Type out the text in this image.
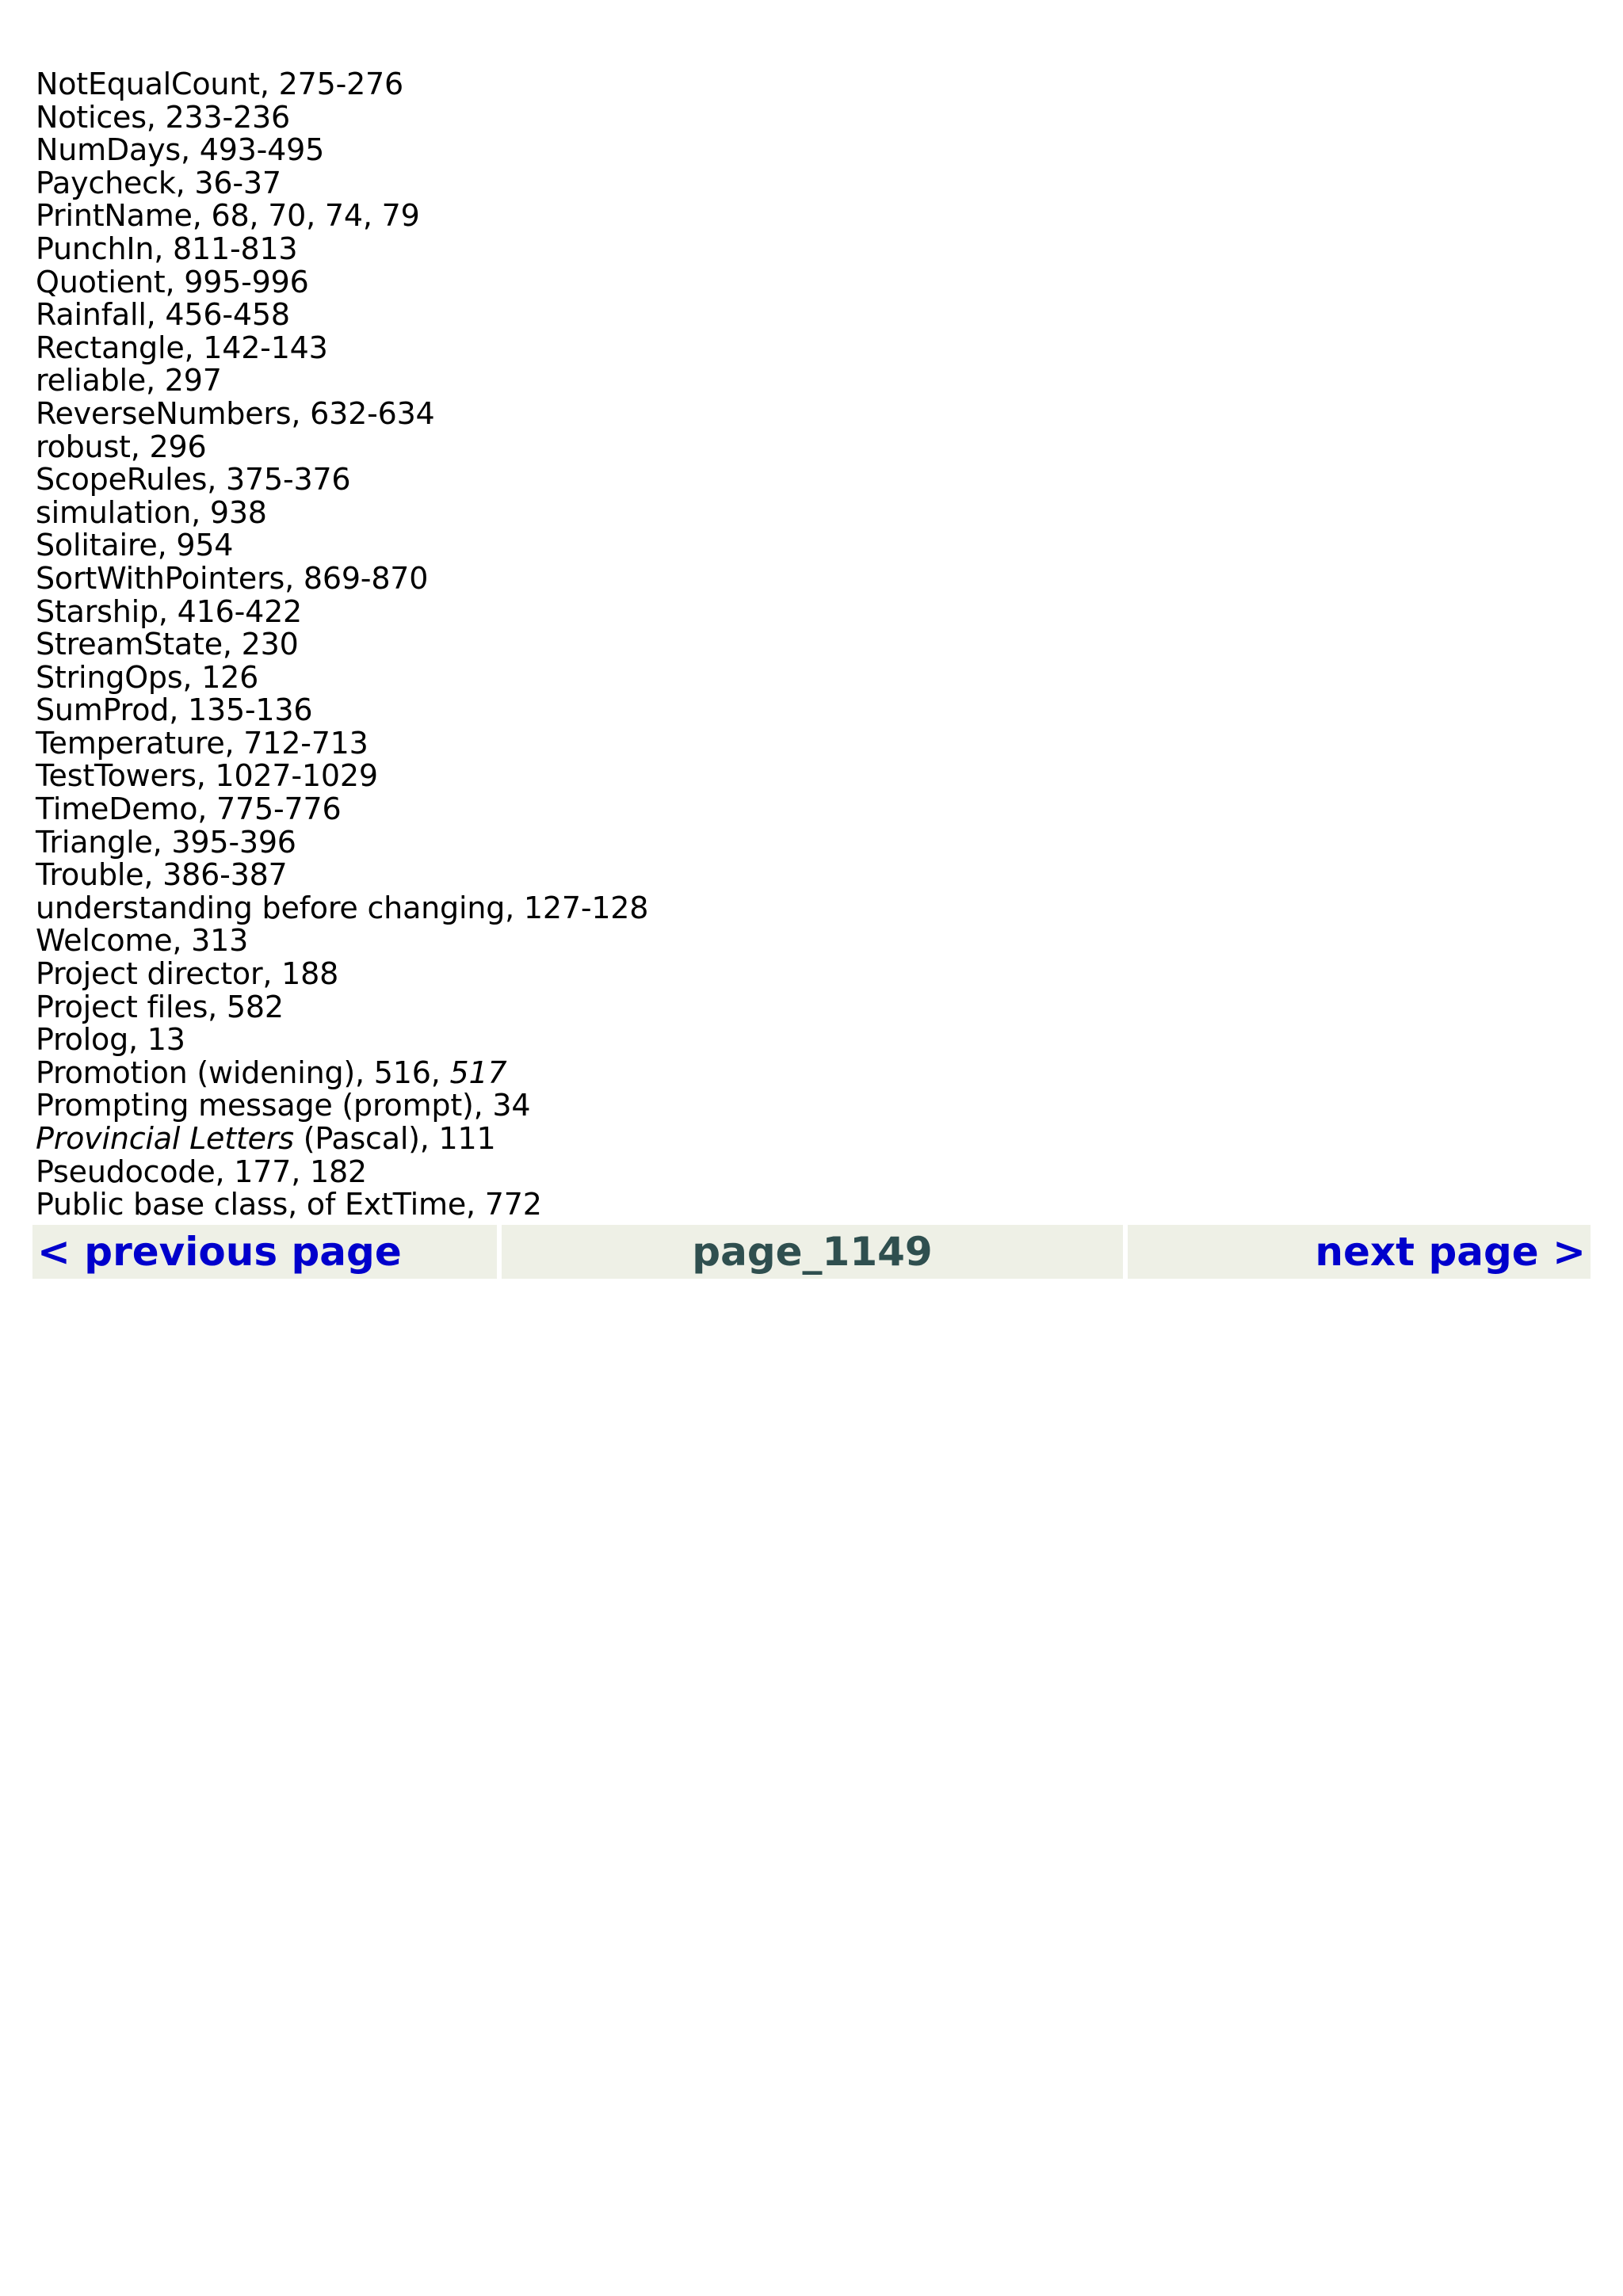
NotEqualCount, 275-276
Notices, 233-236
NumDays, 493-495
Paycheck, 36-37
PrintName, 68, 70, 74, 79
PunchIn, 811-813
Quotient, 995-996
Rainfall, 456-458
Rectangle, 142-143
reliable, 297
ReverseNumbers, 632-634
robust, 296
ScopeRules, 375-376
simulation, 938
Solitaire, 954
SortWithPointers, 869-870
Starship, 416-422
StreamState, 230
StringOps, 126
SumProd, 135-136
Temperature, 712-713
TestTowers, 1027-1029
TimeDemo, 775-776
Triangle, 395-396
Trouble, 386-387
understanding before changing, 127-128
Welcome, 313
Project director, 188
Project files, 582
Prolog, 13
Promotion (widening), 516, 517
Prompting message (prompt), 34
Provincial Letters (Pascal), 111
Pseudocode, 177, 182
Public base class, of ExtTime, 772
< previous page	page_1149	next page >
